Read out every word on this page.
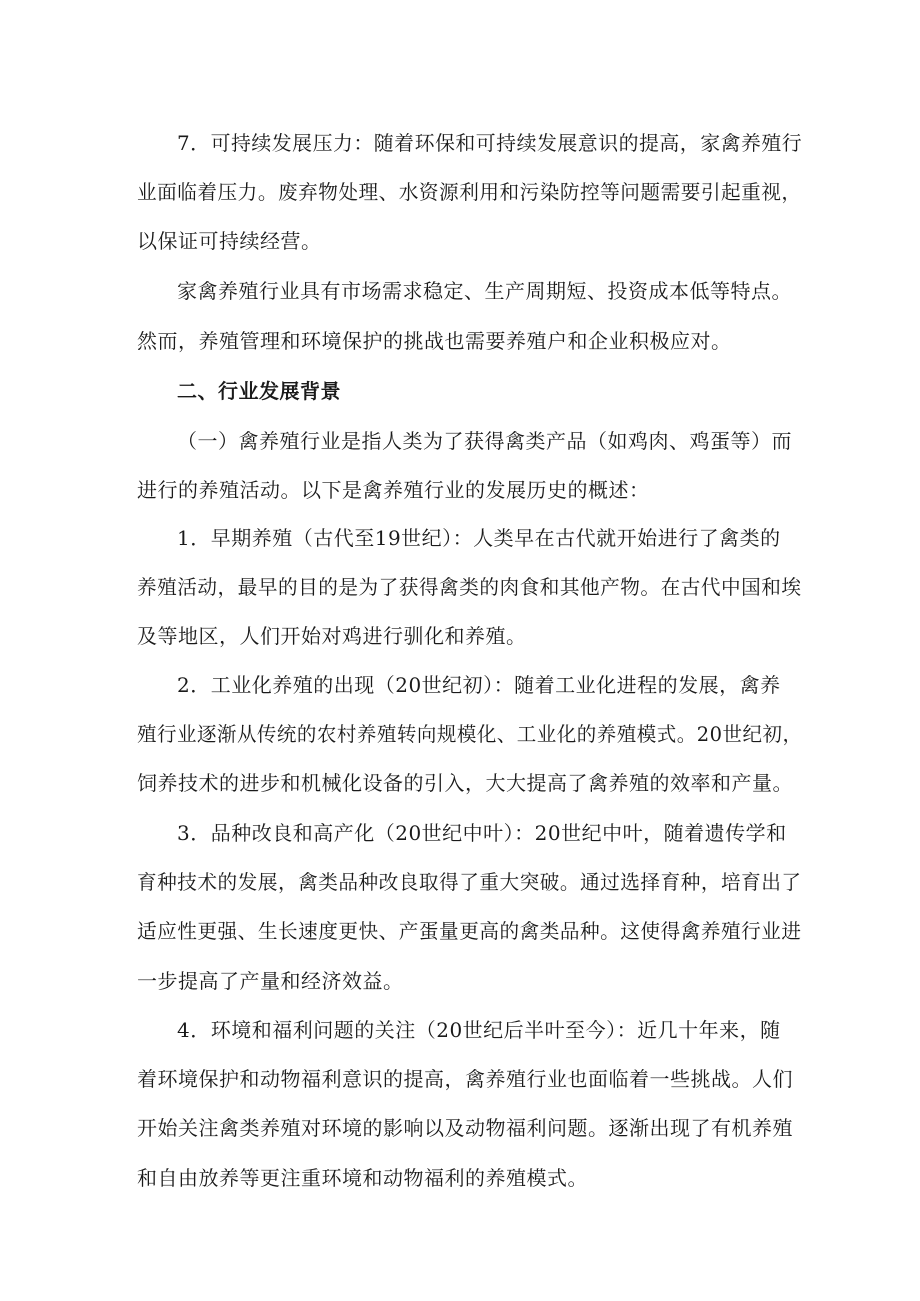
7．可持续发展压力：随着环保和可持续发展意识的提高，家禽养殖行
业面临着压力。废弃物处理、水资源利用和污染防控等问题需要引起重视，
以保证可持续经营。
家禽养殖行业具有市场需求稳定、生产周期短、投资成本低等特点。
然而，养殖管理和环境保护的挑战也需要养殖户和企业积极应对。
二、行业发展背景
（一）禽养殖行业是指人类为了获得禽类产品（如鸡肉、鸡蛋等）而
进行的养殖活动。以下是禽养殖行业的发展历史的概述：
1．早期养殖（古代至19世纪）：人类早在古代就开始进行了禽类的
养殖活动，最早的目的是为了获得禽类的肉食和其他产物。在古代中国和埃
及等地区，人们开始对鸡进行驯化和养殖。
2．工业化养殖的出现（20世纪初）：随着工业化进程的发展，禽养
殖行业逐渐从传统的农村养殖转向规模化、工业化的养殖模式。20世纪初，
饲养技术的进步和机械化设备的引入，大大提高了禽养殖的效率和产量。
3．品种改良和高产化（20世纪中叶）：20世纪中叶，随着遗传学和
育种技术的发展，禽类品种改良取得了重大突破。通过选择育种，培育出了
适应性更强、生长速度更快、产蛋量更高的禽类品种。这使得禽养殖行业进
一步提高了产量和经济效益。
4．环境和福利问题的关注（20世纪后半叶至今）：近几十年来，随
着环境保护和动物福利意识的提高，禽养殖行业也面临着一些挑战。人们
开始关注禽类养殖对环境的影响以及动物福利问题。逐渐出现了有机养殖
和自由放养等更注重环境和动物福利的养殖模式。
